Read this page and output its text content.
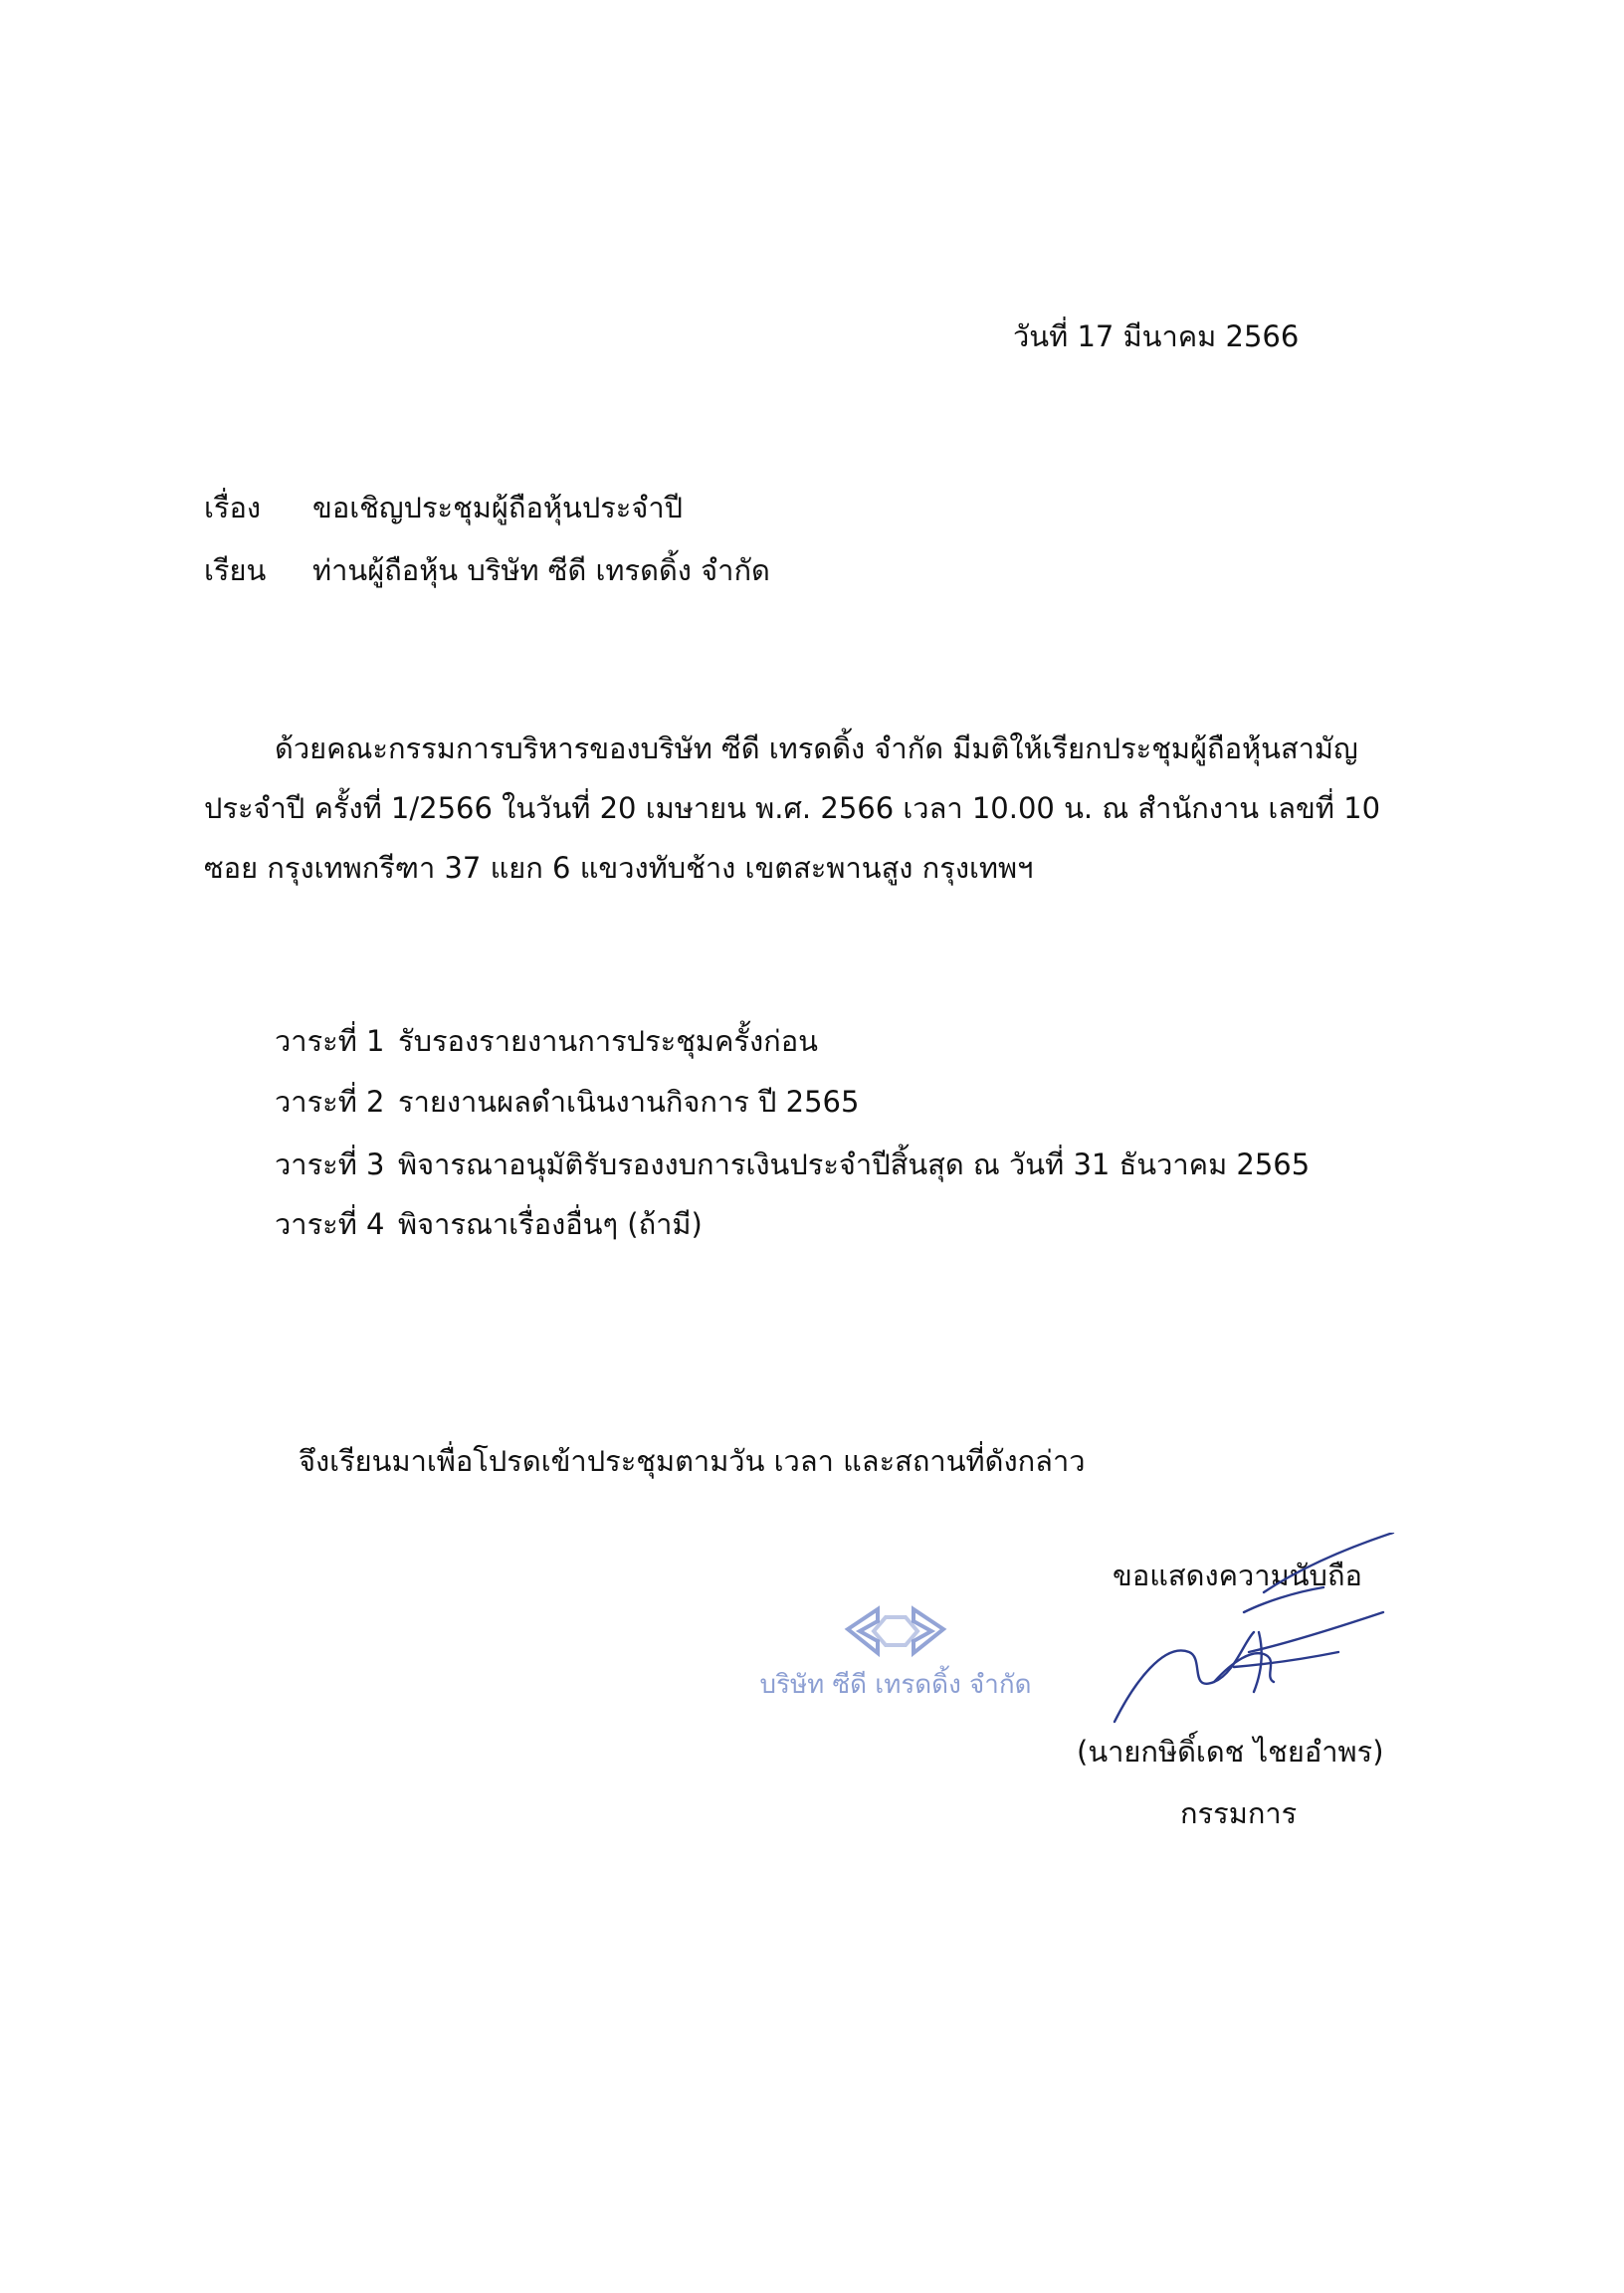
วันที่ 17 มีนาคม 2566
เรื่อง ขอเชิญประชุมผู้ถือหุ้นประจำปี
เรียน ท่านผู้ถือหุ้น บริษัท ซีดี เทรดดิ้ง จำกัด
ด้วยคณะกรรมการบริหารของบริษัท ซีดี เทรดดิ้ง จำกัด มีมติให้เรียกประชุมผู้ถือหุ้นสามัญ
ประจำปี ครั้งที่ 1/2566 ในวันที่ 20 เมษายน พ.ศ. 2566 เวลา 10.00 น. ณ สำนักงาน เลขที่ 10
ซอย กรุงเทพกรีฑา 37 แยก 6 แขวงทับช้าง เขตสะพานสูง กรุงเทพฯ
วาระที่ 1 รับรองรายงานการประชุมครั้งก่อน
วาระที่ 2 รายงานผลดำเนินงานกิจการ ปี 2565
วาระที่ 3 พิจารณาอนุมัติรับรองงบการเงินประจำปีสิ้นสุด ณ วันที่ 31 ธันวาคม 2565
วาระที่ 4 พิจารณาเรื่องอื่นๆ (ถ้ามี)
จึงเรียนมาเพื่อโปรดเข้าประชุมตามวัน เวลา และสถานที่ดังกล่าว
ขอแสดงความนับถือ
บริษัท ซีดี เทรดดิ้ง จำกัด
(นายกษิดิ์เดช ไชยอำพร)
กรรมการ
